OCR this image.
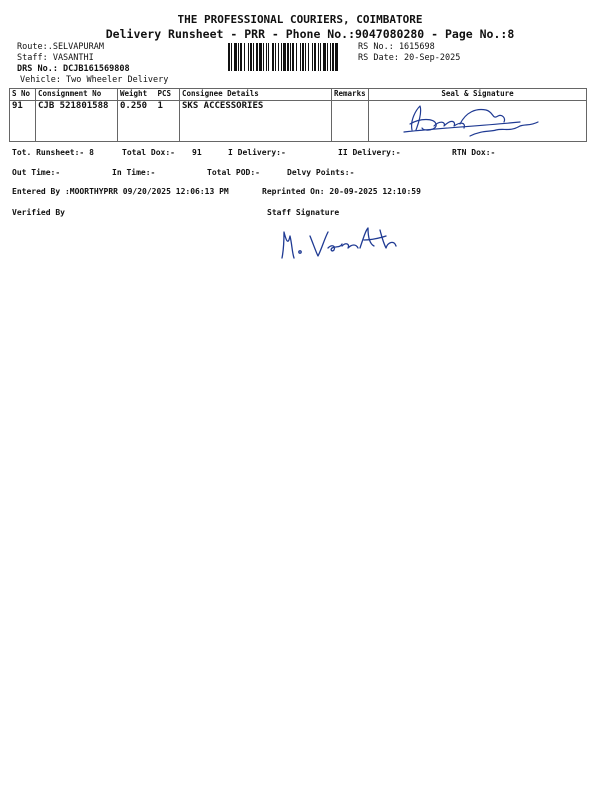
THE PROFESSIONAL COURIERS, COIMBATORE
Delivery Runsheet - PRR - Phone No.:9047080280 - Page No.:8
Route:.SELVAPURAM
Staff: VASANTHI
DRS No.: DCJB161569808
Vehicle: Two Wheeler Delivery
RS No.: 1615698
RS Date: 20-Sep-2025
S No	Consignment No	Weight	PCS	Consignee Details	Remarks	Seal & Signature
91	CJB 521801588	0.250	1	SKS ACCESSORIES		
Tot. Runsheet:- 8	Total Dox:- 91	I Delivery:-	II Delivery:-	RTN Dox:-
Out Time:-	In Time:-	Total POD:-	Delvy Points:-
Entered By :MOORTHYPRR 09/20/2025 12:06:13 PM	Reprinted On: 20-09-2025 12:10:59
Verified By	Staff Signature
